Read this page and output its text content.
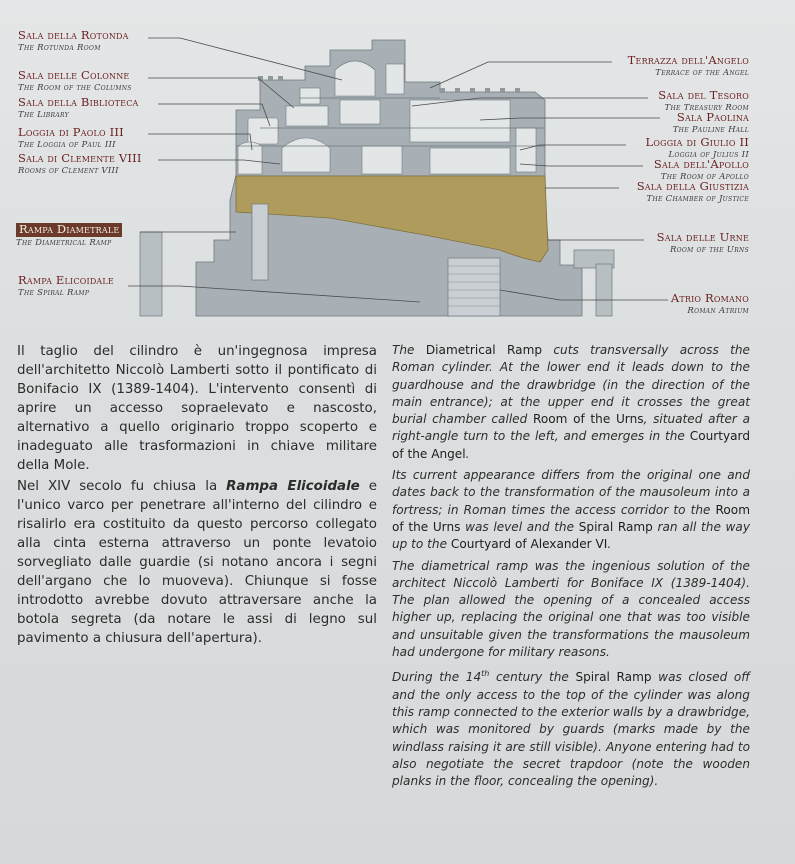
Sala della Rotonda
The Rotunda Room
Sala delle Colonne
The Room of the Columns
Sala della Biblioteca
The Library
Loggia di Paolo III
The Loggia of Paul III
Sala di Clemente VIII
Rooms of Clement VIII
Rampa Diametrale
The Diametrical Ramp
Rampa Elicoidale
The Spiral Ramp
Terrazza dell'Angelo
Terrace of the Angel
Sala del Tesoro
The Treasury Room
Sala Paolina
The Pauline Hall
Loggia di Giulio II
Loggia of Julius II
Sala dell'Apollo
The Room of Apollo
Sala della Giustizia
The Chamber of Justice
Sala delle Urne
Room of the Urns
Atrio Romano
Roman Atrium

Il taglio del cilindro è un'ingegnosa impresa dell'architetto Niccolò Lamberti sotto il pontificato di Bonifacio IX (1389-1404). L'intervento consentì di aprire un accesso sopraelevato e nascosto, alternativo a quello originario troppo scoperto e inadeguato alle trasformazioni in chiave militare della Mole.

Nel XIV secolo fu chiusa la Rampa Elicoidale e l'unico varco per penetrare all'interno del cilindro e risalirlo era costituito da questo percorso collegato alla cinta esterna attraverso un ponte levatoio sorvegliato dalle guardie (si notano ancora i segni dell'argano che lo muoveva). Chiunque si fosse introdotto avrebbe dovuto attraversare anche la botola segreta (da notare le assi di legno sul pavimento a chiusura dell'apertura).

The Diametrical Ramp cuts transversally across the Roman cylinder. At the lower end it leads down to the guardhouse and the drawbridge (in the direction of the main entrance); at the upper end it crosses the great burial chamber called Room of the Urns, situated after a right-angle turn to the left, and emerges in the Courtyard of the Angel.

Its current appearance differs from the original one and dates back to the transformation of the mausoleum into a fortress; in Roman times the access corridor to the Room of the Urns was level and the Spiral Ramp ran all the way up to the Courtyard of Alexander VI.

The diametrical ramp was the ingenious solution of the architect Niccolò Lamberti for Boniface IX (1389-1404). The plan allowed the opening of a concealed access higher up, replacing the original one that was too visible and unsuitable given the transformations the mausoleum had undergone for military reasons.

During the 14th century the Spiral Ramp was closed off and the only access to the top of the cylinder was along this ramp connected to the exterior walls by a drawbridge, which was monitored by guards (marks made by the windlass raising it are still visible). Anyone entering had to also negotiate the secret trapdoor (note the wooden planks in the floor, concealing the opening).
